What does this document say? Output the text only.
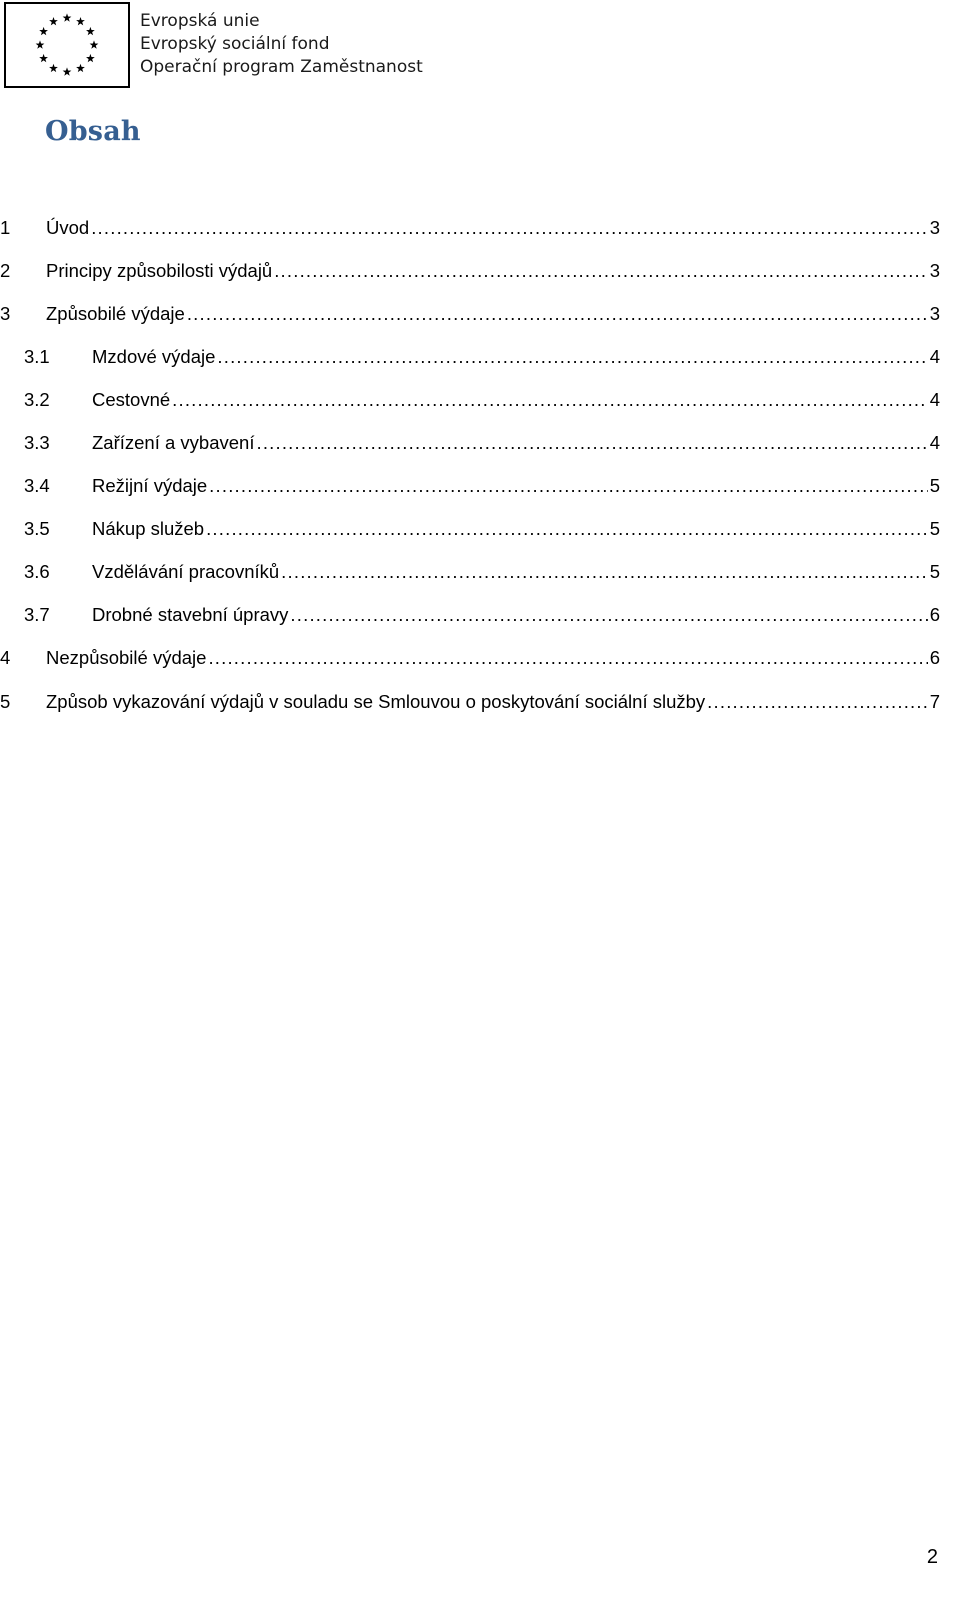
Evropská unie
Evropský sociální fond
Operační program Zaměstnanost
Obsah
1 Úvod .....	3
2 Principy způsobilosti výdajů .....	3
3 Způsobilé výdaje .....	3
3.1 Mzdové výdaje .....	4
3.2 Cestovné .....	4
3.3 Zařízení a vybavení .....	4
3.4 Režijní výdaje .....	5
3.5 Nákup služeb .....	5
3.6 Vzdělávání pracovníků .....	5
3.7 Drobné stavební úpravy .....	6
4 Nezpůsobilé výdaje .....	6
5 Způsob vykazování výdajů v souladu se Smlouvou o poskytování sociální služby .....	7
2
